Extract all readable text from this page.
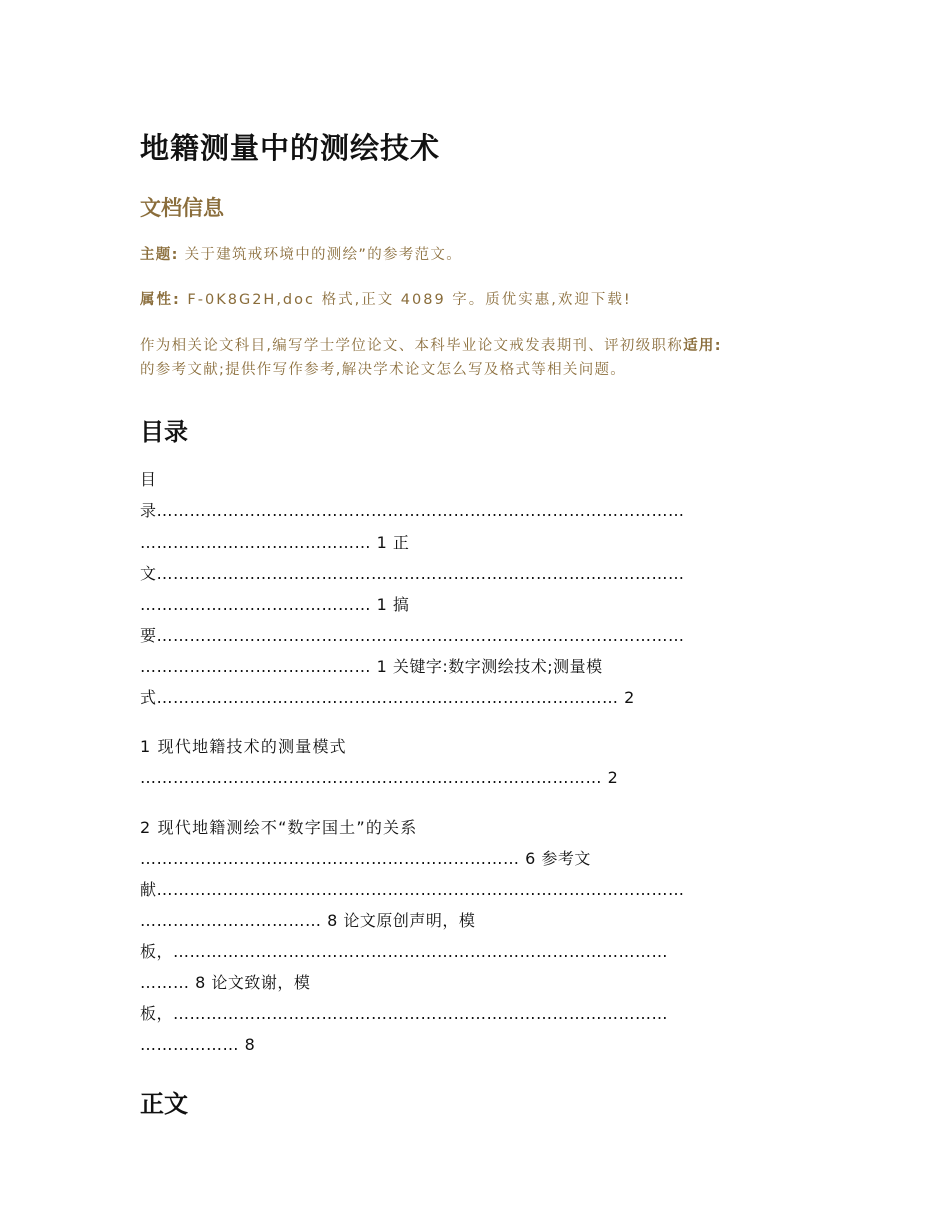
地籍测量中的测绘技术
文档信息

主题: 关于建筑戒环境中的测绘”的参考范文。

属性: F-0K8G2H,doc 格式,正文 4089 字。质优实惠,欢迎下载!

作为相关论文科目,编写学士学位论文、本科毕业论文戒发表期刊、评初级职称适用:
的参考文献;提供作写作参考,解决学术论文怎么写及格式等相关问题。

目录
目
录……………………………………………………………………………………
…………………………………… 1 正
文……………………………………………………………………………………
…………………………………… 1 搞
要……………………………………………………………………………………
…………………………………… 1 关键字:数字测绘技术;测量模
式………………………………………………………………………… 2
1 现代地籍技术的测量模式
………………………………………………………………………… 2
2 现代地籍测绘不“数字国土”的关系
…………………………………………………………… 6 参考文
献……………………………………………………………………………………
…………………………… 8 论文原创声明，模
板，………………………………………………………………………………
……… 8 论文致谢，模
板，………………………………………………………………………………
……………… 8
正文
